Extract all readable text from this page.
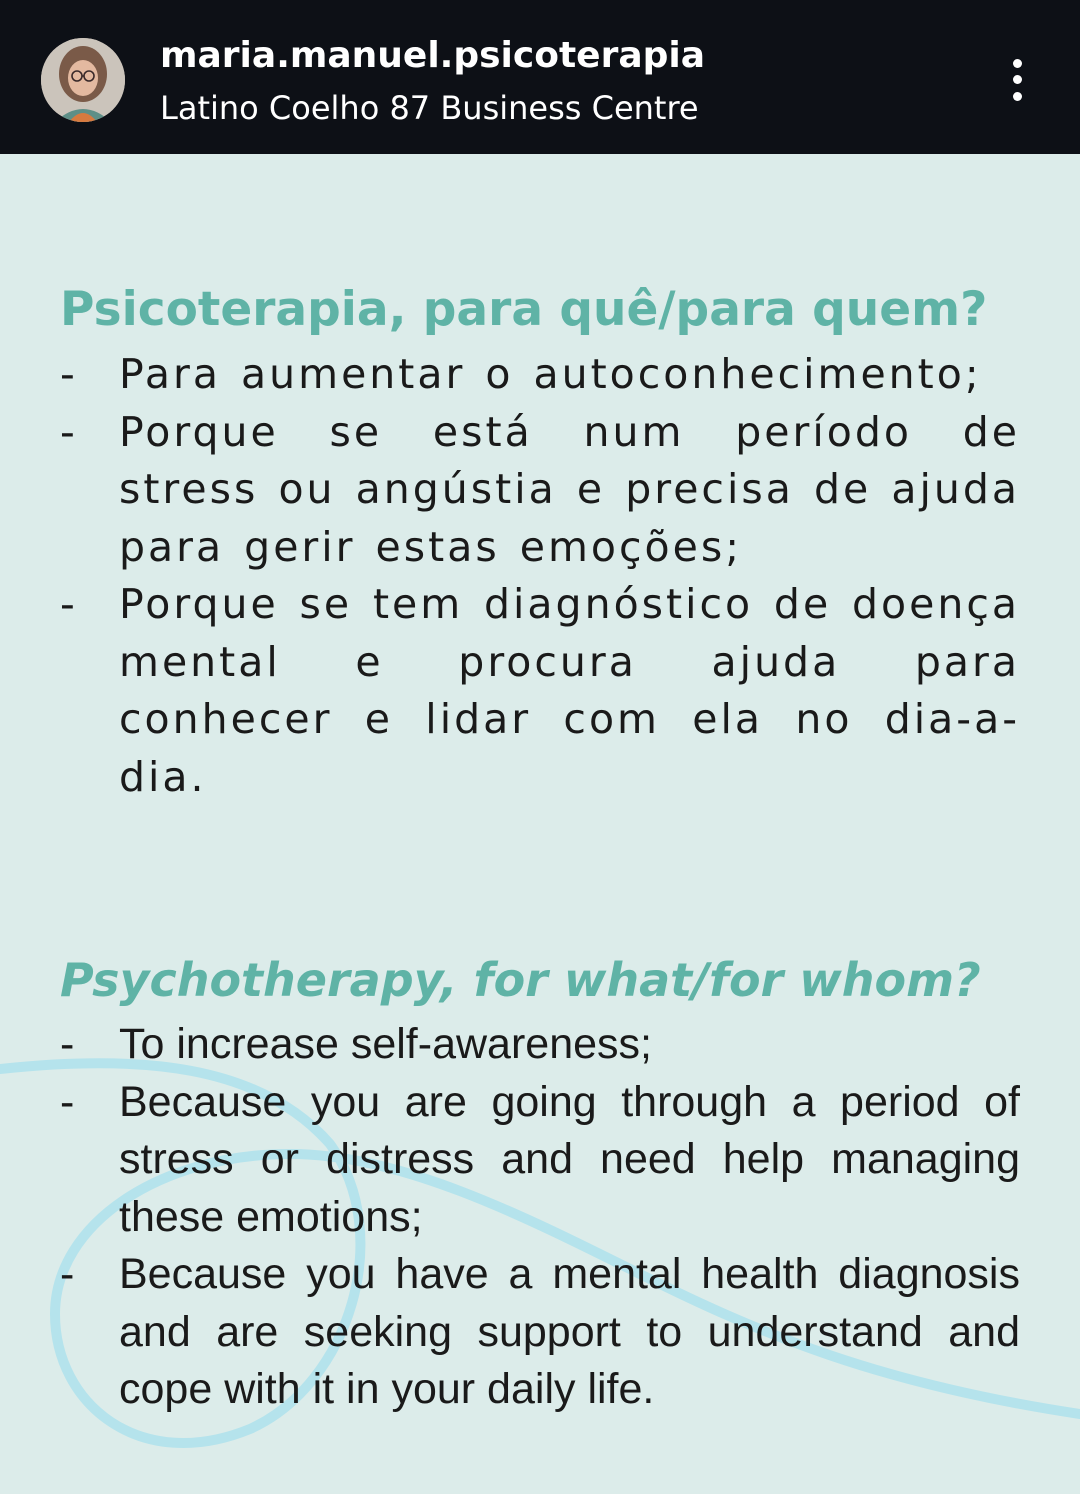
maria.manuel.psicoterapia
Latino Coelho 87 Business Centre
Psicoterapia, para quê/para quem?
- Para aumentar o autoconhecimento;
- Porque se está num período de stress ou angústia e precisa de ajuda para gerir estas emoções;
- Porque se tem diagnóstico de doença mental e procura ajuda para conhecer e lidar com ela no dia-a-dia.
Psychotherapy, for what/for whom?
- To increase self-awareness;
- Because you are going through a period of stress or distress and need help managing these emotions;
- Because you have a mental health diagnosis and are seeking support to understand and cope with it in your daily life.
